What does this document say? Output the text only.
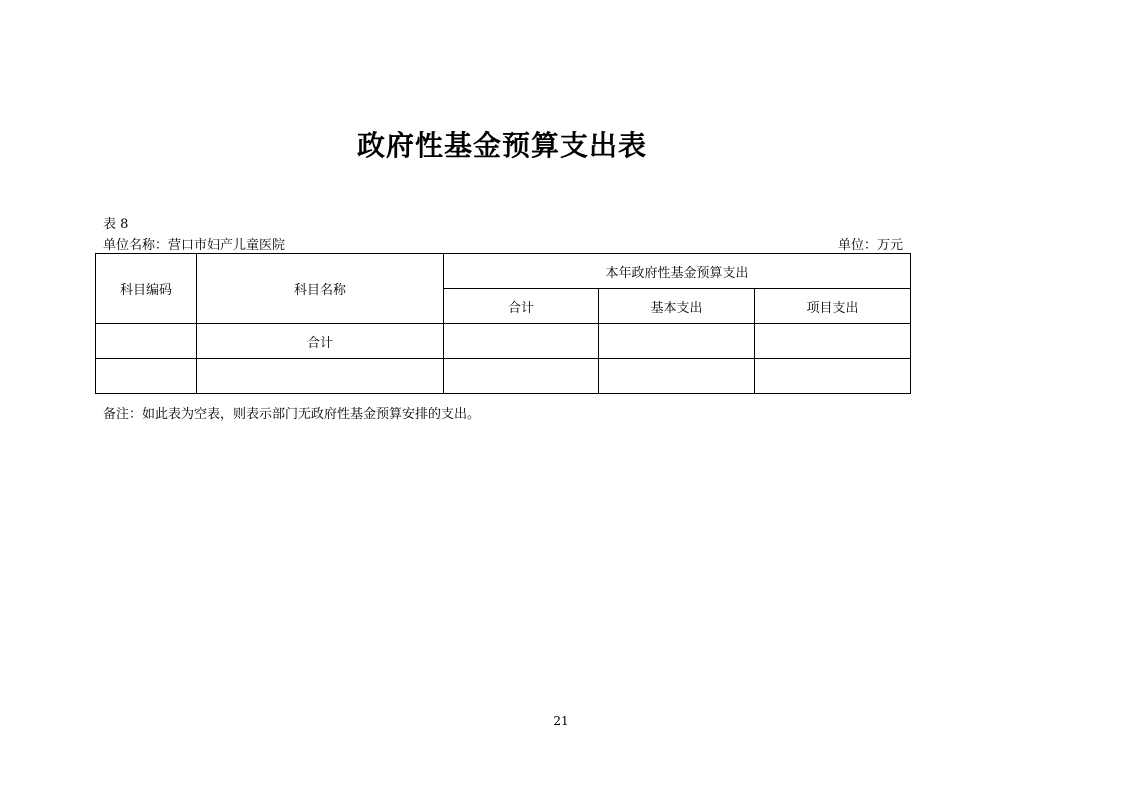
政府性基金预算支出表
表 8
单位名称：营口市妇产儿童医院	单位：万元
科目编码	科目名称	本年政府性基金预算支出		
		合计	基本支出	项目支出
	合计			

备注：如此表为空表，则表示部门无政府性基金预算安排的支出。
21
